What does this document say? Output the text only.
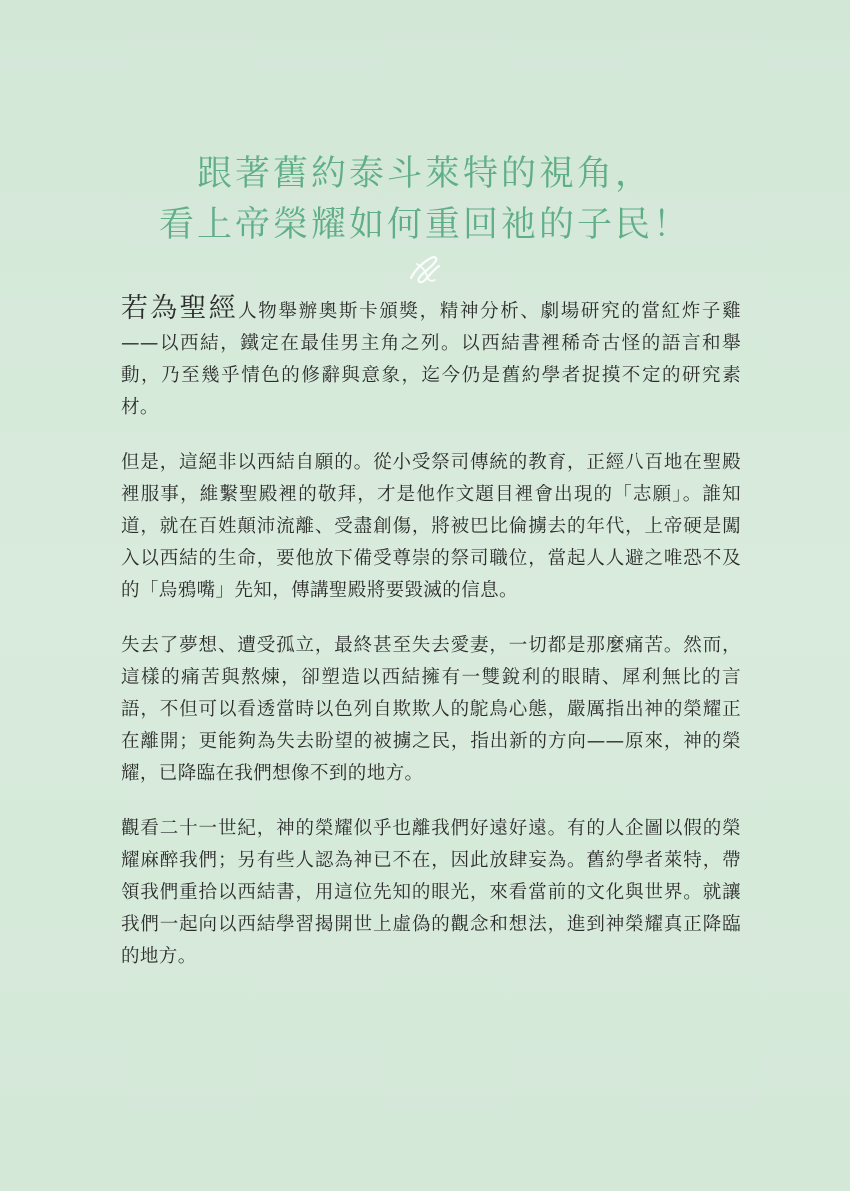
跟著舊約泰斗萊特的視角，
看上帝榮耀如何重回祂的子民！

若為聖經人物舉辦奧斯卡頒獎，精神分析、劇場研究的當紅炸子雞——以西結，鐵定在最佳男主角之列。以西結書裡稀奇古怪的語言和舉動，乃至幾乎情色的修辭與意象，迄今仍是舊約學者捉摸不定的研究素材。

但是，這絕非以西結自願的。從小受祭司傳統的教育，正經八百地在聖殿裡服事，維繫聖殿裡的敬拜，才是他作文題目裡會出現的「志願」。誰知道，就在百姓顛沛流離、受盡創傷，將被巴比倫擄去的年代，上帝硬是闖入以西結的生命，要他放下備受尊崇的祭司職位，當起人人避之唯恐不及的「烏鴉嘴」先知，傳講聖殿將要毀滅的信息。

失去了夢想、遭受孤立，最終甚至失去愛妻，一切都是那麼痛苦。然而，這樣的痛苦與熬煉，卻塑造以西結擁有一雙銳利的眼睛、犀利無比的言語，不但可以看透當時以色列自欺欺人的鴕鳥心態，嚴厲指出神的榮耀正在離開；更能夠為失去盼望的被擄之民，指出新的方向——原來，神的榮耀，已降臨在我們想像不到的地方。

觀看二十一世紀，神的榮耀似乎也離我們好遠好遠。有的人企圖以假的榮耀麻醉我們；另有些人認為神已不在，因此放肆妄為。舊約學者萊特，帶領我們重拾以西結書，用這位先知的眼光，來看當前的文化與世界。就讓我們一起向以西結學習揭開世上虛偽的觀念和想法，進到神榮耀真正降臨的地方。
